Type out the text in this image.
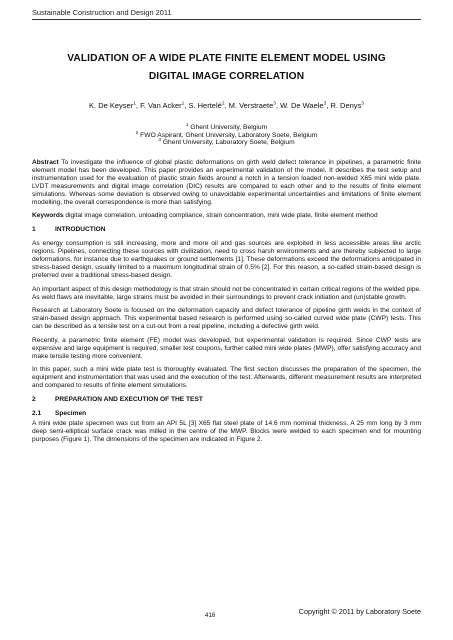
Sustainable Construction and Design 2011
VALIDATION OF A WIDE PLATE FINITE ELEMENT MODEL USING
DIGITAL IMAGE CORRELATION
K. De Keyser$^1$, F. Van Acker$^1$, S. Hertelé$^2$, M. Verstraete$^3$, W. De Waele$^3$, R. Denys$^3$
$^1$ Ghent University, Belgium
$^2$ FWO Aspirant, Ghent University, Laboratory Soete, Belgium
$^3$ Ghent University, Laboratory Soete, Belgium

Abstract To investigate the influence of global plastic deformations on girth weld defect tolerance in pipelines, a parametric finite element model has been developed. This paper provides an experimental validation of the model. It describes the test setup and instrumentation used for the evaluation of plastic strain fields around a notch in a tension loaded non-welded X65 mini wide plate. LVDT measurements and digital image correlation (DIC) results are compared to each other and to the results of finite element simulations. Whereas some deviation is observed owing to unavoidable experimental uncertainties and limitations of finite element modelling, the overall correspondence is more than satisfying.

Keywords digital image correlation, unloading compliance, strain concentration, mini wide plate, finite element method

1	INTRODUCTION

As energy consumption is still increasing, more and more oil and gas sources are exploited in less accessible areas like arctic regions. Pipelines, connecting these sources with civilization, need to cross harsh environments and are thereby subjected to large deformations, for instance due to earthquakes or ground settlements [1]. These deformations exceed the deformations anticipated in stress-based design, usually limited to a maximum longitudinal strain of 0.5% [2]. For this reason, a so-called strain-based design is preferred over a traditional stress-based design.

An important aspect of this design methodology is that strain should not be concentrated in certain critical regions of the welded pipe. As weld flaws are inevitable, large strains must be avoided in their surroundings to prevent crack initiation and (un)stable growth.

Research at Laboratory Soete is focused on the deformation capacity and defect tolerance of pipeline girth welds in the context of strain-based design approach. This experimental based research is performed using so-called curved wide plate (CWP) tests. This can be described as a tensile test on a cut-out from a real pipeline, including a defective girth weld.

Recently, a parametric finite element (FE) model was developed, but experimental validation is required. Since CWP tests are expensive and large equipment is required, smaller test coupons, further called mini wide plates (MWP), offer satisfying accuracy and make tensile testing more convenient.

In this paper, such a mini wide plate test is thoroughly evaluated. The first section discusses the preparation of the specimen, the equipment and instrumentation that was used and the execution of the test. Afterwards, different measurement results are interpreted and compared to results of finite element simulations.

2	PREPARATION AND EXECUTION OF THE TEST
2.1 Specimen

A mini wide plate specimen was cut from an API 5L [3] X65 flat steel plate of 14.6 mm nominal thickness. A 25 mm long by 3 mm deep semi-elliptical surface crack was milled in the centre of the MWP. Blocks were welded to each specimen end for mounting purposes (Figure 1). The dimensions of the specimen are indicated in Figure 2.

416	Copyright © 2011 by Laboratory Soete
